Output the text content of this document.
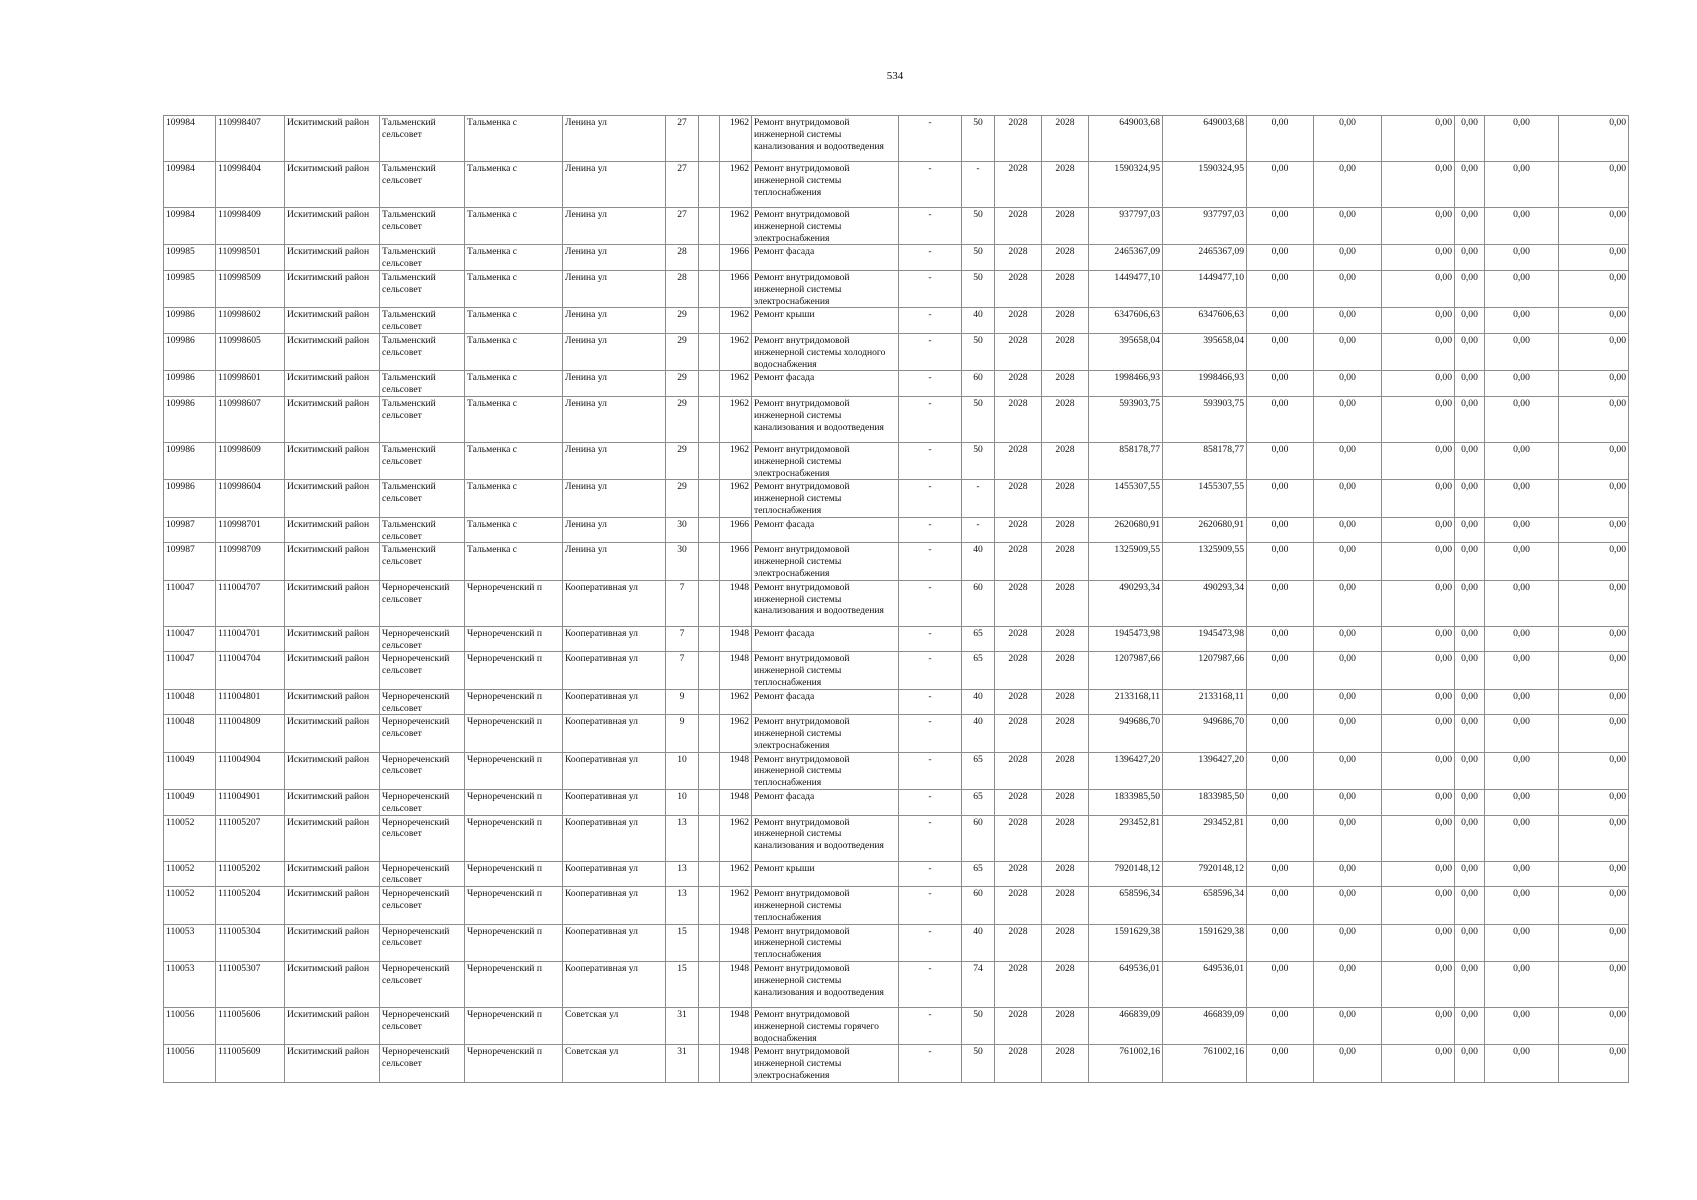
534
109984	110998407	Искитимский район	Тальменский сельсовет	Тальменка с	Ленина ул	27		1962	Ремонт внутридомовой инженерной системы канализования и водоотведения	-	50	2028	2028	649003,68	649003,68	0,00	0,00	0,00	0,00	0,00	0,00
109984	110998404	Искитимский район	Тальменский сельсовет	Тальменка с	Ленина ул	27		1962	Ремонт внутридомовой инженерной системы теплоснабжения	-	-	2028	2028	1590324,95	1590324,95	0,00	0,00	0,00	0,00	0,00	0,00
109984	110998409	Искитимский район	Тальменский сельсовет	Тальменка с	Ленина ул	27		1962	Ремонт внутридомовой инженерной системы электроснабжения	-	50	2028	2028	937797,03	937797,03	0,00	0,00	0,00	0,00	0,00	0,00
109985	110998501	Искитимский район	Тальменский сельсовет	Тальменка с	Ленина ул	28		1966	Ремонт фасада	-	50	2028	2028	2465367,09	2465367,09	0,00	0,00	0,00	0,00	0,00	0,00
109985	110998509	Искитимский район	Тальменский сельсовет	Тальменка с	Ленина ул	28		1966	Ремонт внутридомовой инженерной системы электроснабжения	-	50	2028	2028	1449477,10	1449477,10	0,00	0,00	0,00	0,00	0,00	0,00
109986	110998602	Искитимский район	Тальменский сельсовет	Тальменка с	Ленина ул	29		1962	Ремонт крыши	-	40	2028	2028	6347606,63	6347606,63	0,00	0,00	0,00	0,00	0,00	0,00
109986	110998605	Искитимский район	Тальменский сельсовет	Тальменка с	Ленина ул	29		1962	Ремонт внутридомовой инженерной системы холодного водоснабжения	-	50	2028	2028	395658,04	395658,04	0,00	0,00	0,00	0,00	0,00	0,00
109986	110998601	Искитимский район	Тальменский сельсовет	Тальменка с	Ленина ул	29		1962	Ремонт фасада	-	60	2028	2028	1998466,93	1998466,93	0,00	0,00	0,00	0,00	0,00	0,00
109986	110998607	Искитимский район	Тальменский сельсовет	Тальменка с	Ленина ул	29		1962	Ремонт внутридомовой инженерной системы канализования и водоотведения	-	50	2028	2028	593903,75	593903,75	0,00	0,00	0,00	0,00	0,00	0,00
109986	110998609	Искитимский район	Тальменский сельсовет	Тальменка с	Ленина ул	29		1962	Ремонт внутридомовой инженерной системы электроснабжения	-	50	2028	2028	858178,77	858178,77	0,00	0,00	0,00	0,00	0,00	0,00
109986	110998604	Искитимский район	Тальменский сельсовет	Тальменка с	Ленина ул	29		1962	Ремонт внутридомовой инженерной системы теплоснабжения	-	-	2028	2028	1455307,55	1455307,55	0,00	0,00	0,00	0,00	0,00	0,00
109987	110998701	Искитимский район	Тальменский сельсовет	Тальменка с	Ленина ул	30		1966	Ремонт фасада	-	-	2028	2028	2620680,91	2620680,91	0,00	0,00	0,00	0,00	0,00	0,00
109987	110998709	Искитимский район	Тальменский сельсовет	Тальменка с	Ленина ул	30		1966	Ремонт внутридомовой инженерной системы электроснабжения	-	40	2028	2028	1325909,55	1325909,55	0,00	0,00	0,00	0,00	0,00	0,00
110047	111004707	Искитимский район	Чернореченский сельсовет	Чернореченский п	Кооперативная ул	7		1948	Ремонт внутридомовой инженерной системы канализования и водоотведения	-	60	2028	2028	490293,34	490293,34	0,00	0,00	0,00	0,00	0,00	0,00
110047	111004701	Искитимский район	Чернореченский сельсовет	Чернореченский п	Кооперативная ул	7		1948	Ремонт фасада	-	65	2028	2028	1945473,98	1945473,98	0,00	0,00	0,00	0,00	0,00	0,00
110047	111004704	Искитимский район	Чернореченский сельсовет	Чернореченский п	Кооперативная ул	7		1948	Ремонт внутридомовой инженерной системы теплоснабжения	-	65	2028	2028	1207987,66	1207987,66	0,00	0,00	0,00	0,00	0,00	0,00
110048	111004801	Искитимский район	Чернореченский сельсовет	Чернореченский п	Кооперативная ул	9		1962	Ремонт фасада	-	40	2028	2028	2133168,11	2133168,11	0,00	0,00	0,00	0,00	0,00	0,00
110048	111004809	Искитимский район	Чернореченский сельсовет	Чернореченский п	Кооперативная ул	9		1962	Ремонт внутридомовой инженерной системы электроснабжения	-	40	2028	2028	949686,70	949686,70	0,00	0,00	0,00	0,00	0,00	0,00
110049	111004904	Искитимский район	Чернореченский сельсовет	Чернореченский п	Кооперативная ул	10		1948	Ремонт внутридомовой инженерной системы теплоснабжения	-	65	2028	2028	1396427,20	1396427,20	0,00	0,00	0,00	0,00	0,00	0,00
110049	111004901	Искитимский район	Чернореченский сельсовет	Чернореченский п	Кооперативная ул	10		1948	Ремонт фасада	-	65	2028	2028	1833985,50	1833985,50	0,00	0,00	0,00	0,00	0,00	0,00
110052	111005207	Искитимский район	Чернореченский сельсовет	Чернореченский п	Кооперативная ул	13		1962	Ремонт внутридомовой инженерной системы канализования и водоотведения	-	60	2028	2028	293452,81	293452,81	0,00	0,00	0,00	0,00	0,00	0,00
110052	111005202	Искитимский район	Чернореченский сельсовет	Чернореченский п	Кооперативная ул	13		1962	Ремонт крыши	-	65	2028	2028	7920148,12	7920148,12	0,00	0,00	0,00	0,00	0,00	0,00
110052	111005204	Искитимский район	Чернореченский сельсовет	Чернореченский п	Кооперативная ул	13		1962	Ремонт внутридомовой инженерной системы теплоснабжения	-	60	2028	2028	658596,34	658596,34	0,00	0,00	0,00	0,00	0,00	0,00
110053	111005304	Искитимский район	Чернореченский сельсовет	Чернореченский п	Кооперативная ул	15		1948	Ремонт внутридомовой инженерной системы теплоснабжения	-	40	2028	2028	1591629,38	1591629,38	0,00	0,00	0,00	0,00	0,00	0,00
110053	111005307	Искитимский район	Чернореченский сельсовет	Чернореченский п	Кооперативная ул	15		1948	Ремонт внутридомовой инженерной системы канализования и водоотведения	-	74	2028	2028	649536,01	649536,01	0,00	0,00	0,00	0,00	0,00	0,00
110056	111005606	Искитимский район	Чернореченский сельсовет	Чернореченский п	Советская ул	31		1948	Ремонт внутридомовой инженерной системы горячего водоснабжения	-	50	2028	2028	466839,09	466839,09	0,00	0,00	0,00	0,00	0,00	0,00
110056	111005609	Искитимский район	Чернореченский сельсовет	Чернореченский п	Советская ул	31		1948	Ремонт внутридомовой инженерной системы электроснабжения	-	50	2028	2028	761002,16	761002,16	0,00	0,00	0,00	0,00	0,00	0,00
